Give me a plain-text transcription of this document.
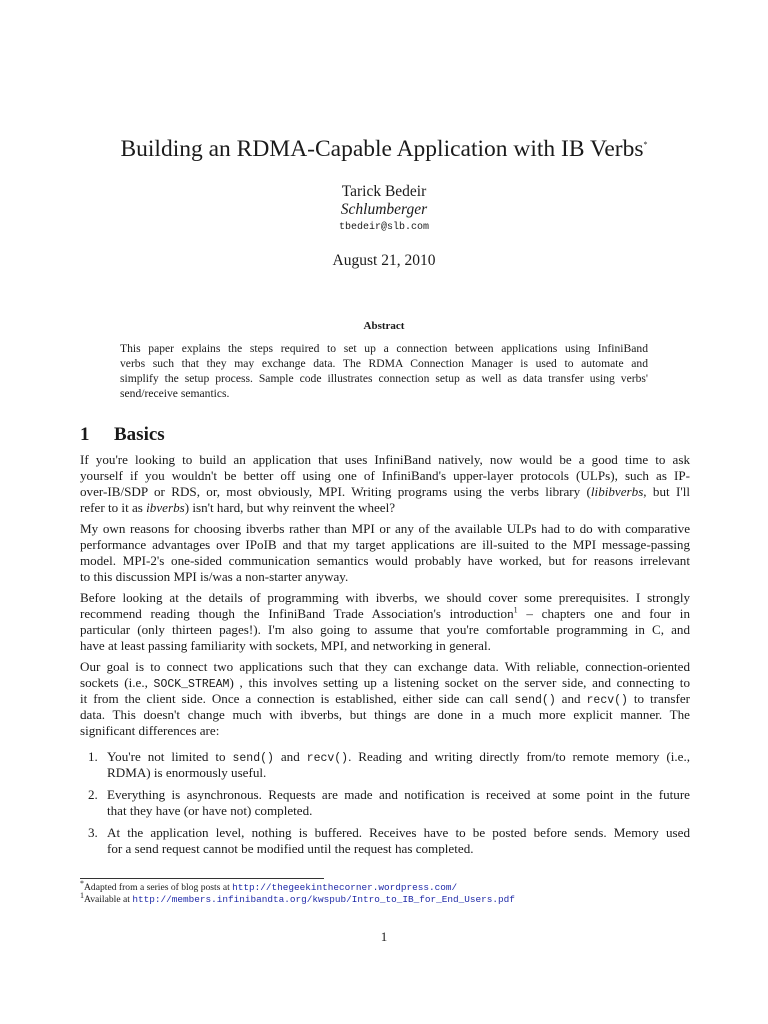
Building an RDMA-Capable Application with IB Verbs*
Tarick Bedeir
Schlumberger
tbedeir@slb.com
August 21, 2010
Abstract
This paper explains the steps required to set up a connection between applications using InfiniBand
verbs such that they may exchange data. The RDMA Connection Manager is used to automate and
simplify the setup process. Sample code illustrates connection setup as well as data transfer using verbs'
send/receive semantics.
1 Basics
If you're looking to build an application that uses InfiniBand natively, now would be a good time to ask
yourself if you wouldn't be better off using one of InfiniBand's upper-layer protocols (ULPs), such as IP-
over-IB/SDP or RDS, or, most obviously, MPI. Writing programs using the verbs library (libibverbs, but I'll
refer to it as ibverbs) isn't hard, but why reinvent the wheel?
My own reasons for choosing ibverbs rather than MPI or any of the available ULPs had to do with comparative
performance advantages over IPoIB and that my target applications are ill-suited to the MPI message-passing
model. MPI-2's one-sided communication semantics would probably have worked, but for reasons irrelevant
to this discussion MPI is/was a non-starter anyway.
Before looking at the details of programming with ibverbs, we should cover some prerequisites. I strongly
recommend reading though the InfiniBand Trade Association's introduction$^1$ – chapters one and four in
particular (only thirteen pages!). I'm also going to assume that you're comfortable programming in C, and
have at least passing familiarity with sockets, MPI, and networking in general.
Our goal is to connect two applications such that they can exchange data. With reliable, connection-oriented
sockets (i.e., SOCK_STREAM) , this involves setting up a listening socket on the server side, and connecting to
it from the client side. Once a connection is established, either side can call send() and recv() to transfer
data. This doesn't change much with ibverbs, but things are done in a much more explicit manner. The
significant differences are:
1. You're not limited to send() and recv(). Reading and writing directly from/to remote memory (i.e.,
RDMA) is enormously useful.
2. Everything is asynchronous. Requests are made and notification is received at some point in the future
that they have (or have not) completed.
3. At the application level, nothing is buffered. Receives have to be posted before sends. Memory used
for a send request cannot be modified until the request has completed.
*Adapted from a series of blog posts at http://thegeekinthecorner.wordpress.com/
$^1$Available at http://members.infinibandta.org/kwspub/Intro_to_IB_for_End_Users.pdf
1
